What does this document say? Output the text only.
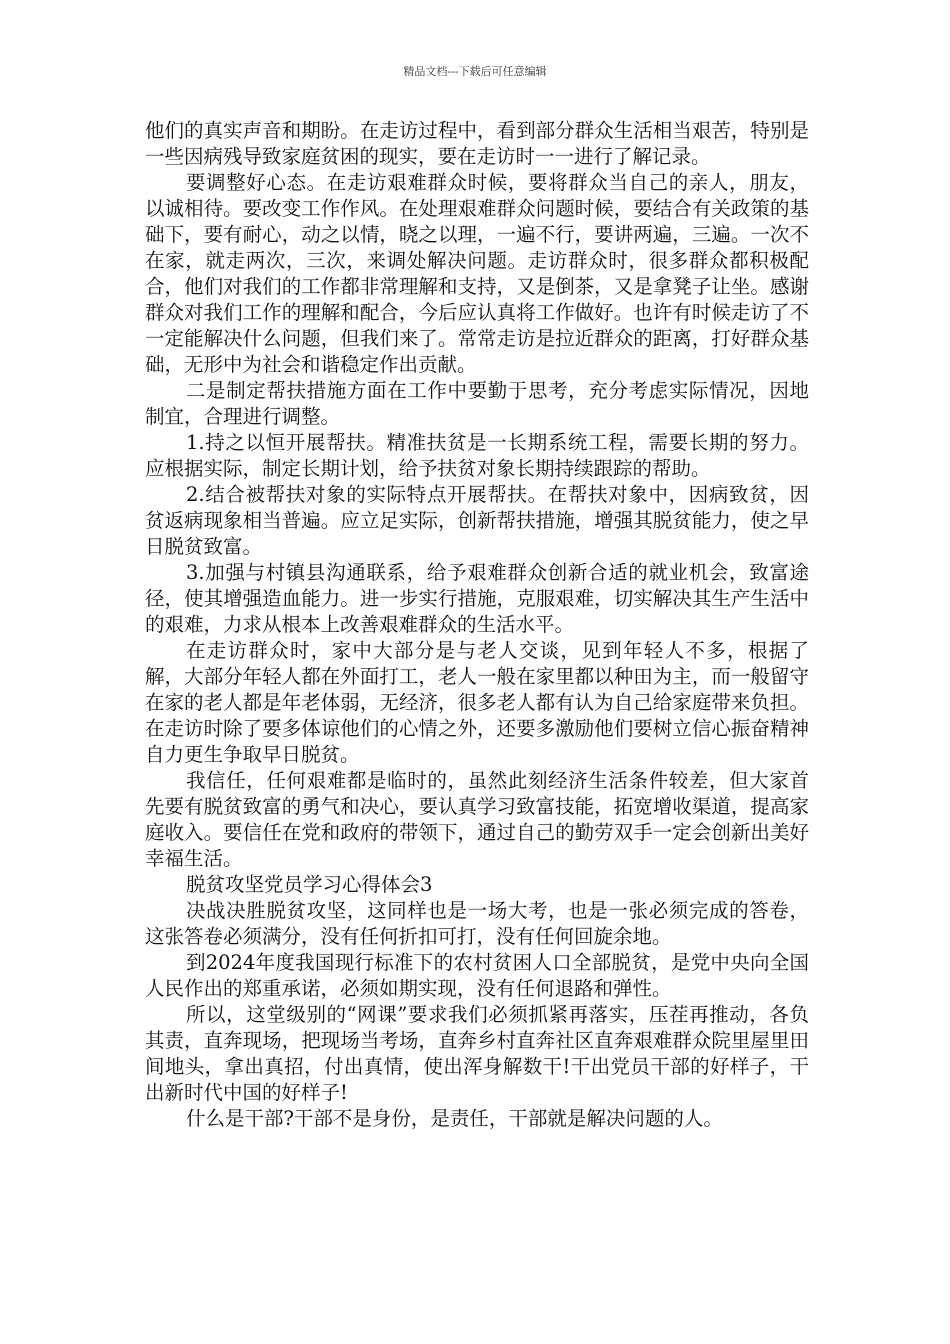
精品文档---下载后可任意编辑

他们的真实声音和期盼。在走访过程中，看到部分群众生活相当艰苦，特别是一些因病残导致家庭贫困的现实，要在走访时一一进行了解记录。

要调整好心态。在走访艰难群众时候，要将群众当自己的亲人，朋友，以诚相待。要改变工作作风。在处理艰难群众问题时候，要结合有关政策的基础下，要有耐心，动之以情，晓之以理，一遍不行，要讲两遍，三遍。一次不在家，就走两次，三次，来调处解决问题。走访群众时，很多群众都积极配合，他们对我们的工作都非常理解和支持，又是倒茶，又是拿凳子让坐。感谢群众对我们工作的理解和配合，今后应认真将工作做好。也许有时候走访了不一定能解决什么问题，但我们来了。常常走访是拉近群众的距离，打好群众基础，无形中为社会和谐稳定作出贡献。

二是制定帮扶措施方面在工作中要勤于思考，充分考虑实际情况，因地制宜，合理进行调整。

1.持之以恒开展帮扶。精准扶贫是一长期系统工程，需要长期的努力。应根据实际，制定长期计划，给予扶贫对象长期持续跟踪的帮助。

2.结合被帮扶对象的实际特点开展帮扶。在帮扶对象中，因病致贫，因贫返病现象相当普遍。应立足实际，创新帮扶措施，增强其脱贫能力，使之早日脱贫致富。

3.加强与村镇县沟通联系，给予艰难群众创新合适的就业机会，致富途径，使其增强造血能力。进一步实行措施，克服艰难，切实解决其生产生活中的艰难，力求从根本上改善艰难群众的生活水平。

在走访群众时，家中大部分是与老人交谈，见到年轻人不多，根据了解，大部分年轻人都在外面打工，老人一般在家里都以种田为主，而一般留守在家的老人都是年老体弱，无经济，很多老人都有认为自己给家庭带来负担。在走访时除了要多体谅他们的心情之外，还要多激励他们要树立信心振奋精神自力更生争取早日脱贫。

我信任，任何艰难都是临时的，虽然此刻经济生活条件较差，但大家首先要有脱贫致富的勇气和决心，要认真学习致富技能，拓宽增收渠道，提高家庭收入。要信任在党和政府的带领下，通过自己的勤劳双手一定会创新出美好幸福生活。

脱贫攻坚党员学习心得体会3

决战决胜脱贫攻坚，这同样也是一场大考，也是一张必须完成的答卷，这张答卷必须满分，没有任何折扣可打，没有任何回旋余地。

到2024年度我国现行标准下的农村贫困人口全部脱贫，是党中央向全国人民作出的郑重承诺，必须如期实现，没有任何退路和弹性。

所以，这堂级别的“网课”要求我们必须抓紧再落实，压茬再推动，各负其责，直奔现场，把现场当考场，直奔乡村直奔社区直奔艰难群众院里屋里田间地头，拿出真招，付出真情，使出浑身解数干!干出党员干部的好样子，干出新时代中国的好样子!

什么是干部?干部不是身份，是责任，干部就是解决问题的人。
